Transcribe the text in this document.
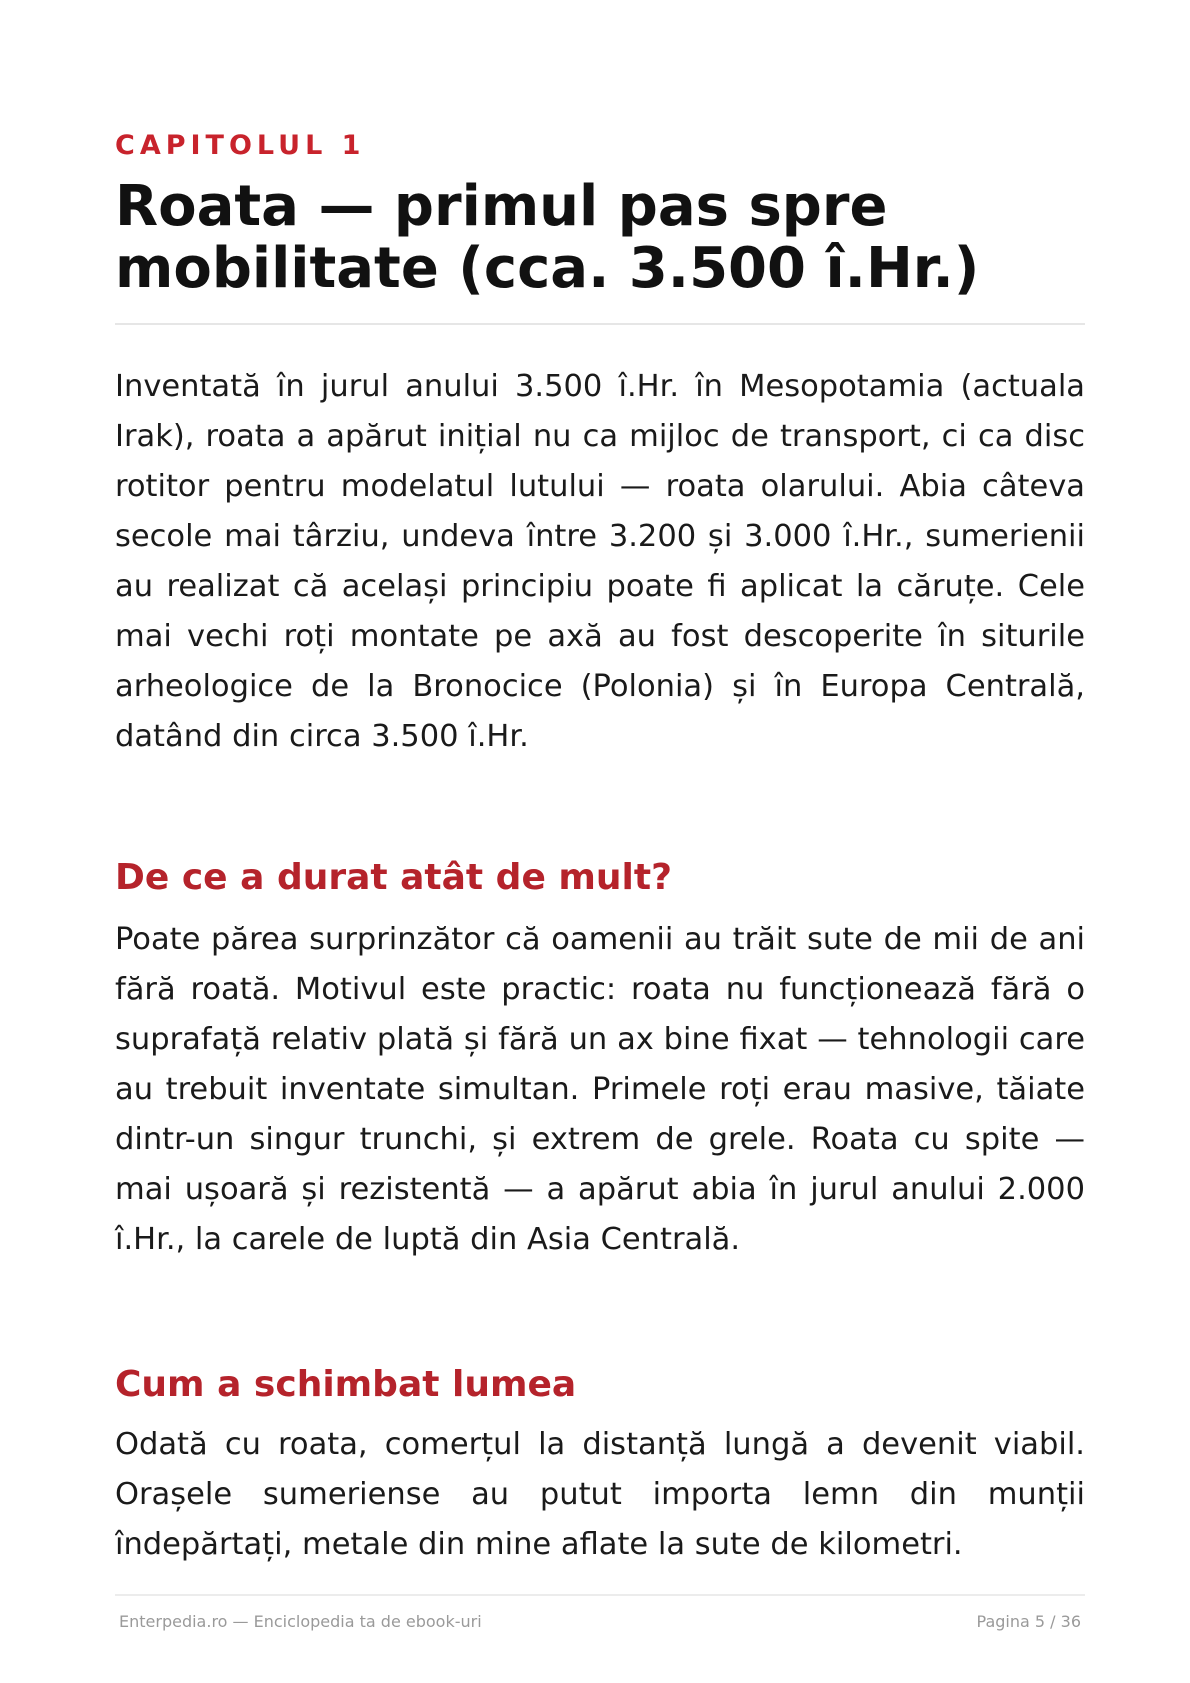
CAPITOLUL 1
Roata — primul pas spre mobilitate (cca. 3.500 î.Hr.)

Inventată în jurul anului 3.500 î.Hr. în Mesopotamia (actuala Irak), roata a apărut inițial nu ca mijloc de transport, ci ca disc rotitor pentru modelatul lutului — roata olarului. Abia câteva secole mai târziu, undeva între 3.200 și 3.000 î.Hr., sumerienii au realizat că același principiu poate fi aplicat la căruțe. Cele mai vechi roți montate pe axă au fost descoperite în siturile arheologice de la Bronocice (Polonia) și în Europa Centrală, datând din circa 3.500 î.Hr.

De ce a durat atât de mult?

Poate părea surprinzător că oamenii au trăit sute de mii de ani fără roată. Motivul este practic: roata nu funcționează fără o suprafață relativ plată și fără un ax bine fixat — tehnologii care au trebuit inventate simultan. Primele roți erau masive, tăiate dintr-un singur trunchi, și extrem de grele. Roata cu spite — mai ușoară și rezistentă — a apărut abia în jurul anului 2.000 î.Hr., la carele de luptă din Asia Centrală.

Cum a schimbat lumea

Odată cu roata, comerțul la distanță lungă a devenit viabil. Orașele sumeriense au putut importa lemn din munții îndepărtați, metale din mine aflate la sute de kilometri.

Enterpedia.ro — Enciclopedia ta de ebook-uri	Pagina 5 / 36
